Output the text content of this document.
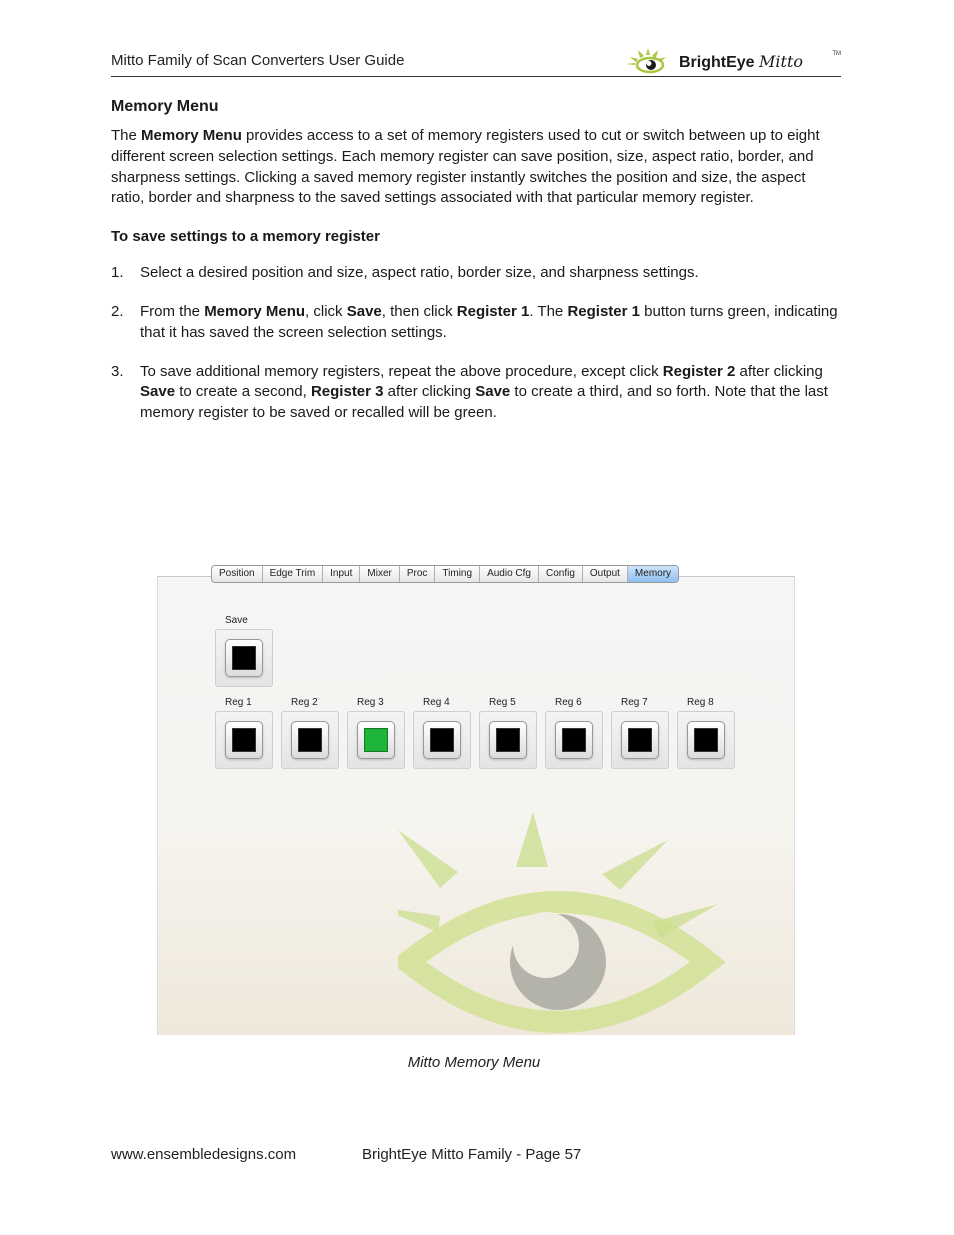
Mitto Family of Scan Converters User Guide	BrightEye Mitto	TM
Memory Menu

The Memory Menu provides access to a set of memory registers used to cut or switch between up to eight different screen selection settings. Each memory register can save position, size, aspect ratio, border, and sharpness settings. Clicking a saved memory register instantly switches the position and size, the aspect ratio, border and sharpness to the saved settings associated with that particular memory register.

To save settings to a memory register
1. Select a desired position and size, aspect ratio, border size, and sharpness settings.
2. From the Memory Menu, click Save, then click Register 1. The Register 1 button turns green, indicating that it has saved the screen selection settings.
3. To save additional memory registers, repeat the above procedure, except click Register 2 after clicking Save to create a second, Register 3 after clicking Save to create a third, and so forth. Note that the last memory register to be saved or recalled will be green.
Position	Edge Trim	Input	Mixer	Proc	Timing	Audio Cfg	Config	Output	Memory
Save
Reg 1	Reg 2	Reg 3	Reg 4	Reg 5	Reg 6	Reg 7	Reg 8
Mitto Memory Menu
www.ensembledesigns.com	BrightEye Mitto Family - Page 57
